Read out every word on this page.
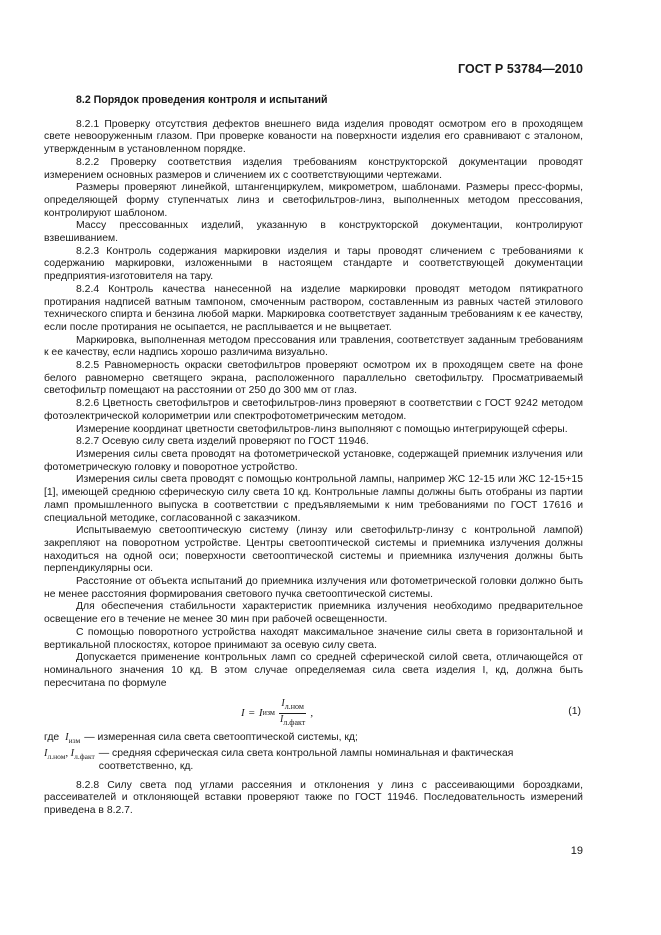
ГОСТ Р 53784—2010
8.2 Порядок проведения контроля и испытаний

8.2.1 Проверку отсутствия дефектов внешнего вида изделия проводят осмотром его в проходящем свете невооруженным глазом. При проверке кованости на поверхности изделия его сравнивают с эталоном, утвержденным в установленном порядке.

8.2.2 Проверку соответствия изделия требованиям конструкторской документации проводят измерением основных размеров и сличением их с соответствующими чертежами.

Размеры проверяют линейкой, штангенциркулем, микрометром, шаблонами. Размеры пресс-формы, определяющей форму ступенчатых линз и светофильтров-линз, выполненных методом прессования, контролируют шаблоном.

Массу прессованных изделий, указанную в конструкторской документации, контролируют взвешиванием.

8.2.3 Контроль содержания маркировки изделия и тары проводят сличением с требованиями к содержанию маркировки, изложенными в настоящем стандарте и соответствующей документации предприятия-изготовителя на тару.

8.2.4 Контроль качества нанесенной на изделие маркировки проводят методом пятикратного протирания надписей ватным тампоном, смоченным раствором, составленным из равных частей этилового технического спирта и бензина любой марки. Маркировка соответствует заданным требованиям к ее качеству, если после протирания не осыпается, не расплывается и не выцветает.

Маркировка, выполненная методом прессования или травления, соответствует заданным требованиям к ее качеству, если надпись хорошо различима визуально.

8.2.5 Равномерность окраски светофильтров проверяют осмотром их в проходящем свете на фоне белого равномерно светящего экрана, расположенного параллельно светофильтру. Просматриваемый светофильтр помещают на расстоянии от 250 до 300 мм от глаз.

8.2.6 Цветность светофильтров и светофильтров-линз проверяют в соответствии с ГОСТ 9242 методом фотоэлектрической колориметрии или спектрофотометрическим методом.

Измерение координат цветности светофильтров-линз выполняют с помощью интегрирующей сферы.

8.2.7 Осевую силу света изделий проверяют по ГОСТ 11946.

Измерения силы света проводят на фотометрической установке, содержащей приемник излучения или фотометрическую головку и поворотное устройство.

Измерения силы света проводят с помощью контрольной лампы, например ЖС 12-15 или ЖС 12-15+15 [1], имеющей среднюю сферическую силу света 10 кд. Контрольные лампы должны быть отобраны из партии ламп промышленного выпуска в соответствии с предъявляемыми к ним требованиями по ГОСТ 17616 и специальной методике, согласованной с заказчиком.

Испытываемую светооптическую систему (линзу или светофильтр-линзу с контрольной лампой) закрепляют на поворотном устройстве. Центры светооптической системы и приемника излучения должны находиться на одной оси; поверхности светооптической системы и приемника излучения должны быть перпендикулярны оси.

Расстояние от объекта испытаний до приемника излучения или фотометрической головки должно быть не менее расстояния формирования светового пучка светооптической системы.

Для обеспечения стабильности характеристик приемника излучения необходимо предварительное освещение его в течение не менее 30 мин при рабочей освещенности.

С помощью поворотного устройства находят максимальное значение силы света в горизонтальной и вертикальной плоскостях, которое принимают за осевую силу света.

Допускается применение контрольных ламп со средней сферической силой света, отличающейся от номинального значения 10 кд. В этом случае определяемая сила света изделия I, кд, должна быть пересчитана по формуле

I = I изм $\frac{I_{л.ном}}{I_{л.факт}}$ ,	(1)
где $I_{изм}$ — измеренная сила света светооптической системы, кд;
$I_{л.ном}$, $I_{л.факт}$ — средняя сферическая сила света контрольной лампы номинальная и фактическая соответственно, кд.

8.2.8 Силу света под углами рассеяния и отклонения у линз с рассеивающими бороздками, рассеивателей и отклоняющей вставки проверяют также по ГОСТ 11946. Последовательность измерений приведена в 8.2.7.

19
